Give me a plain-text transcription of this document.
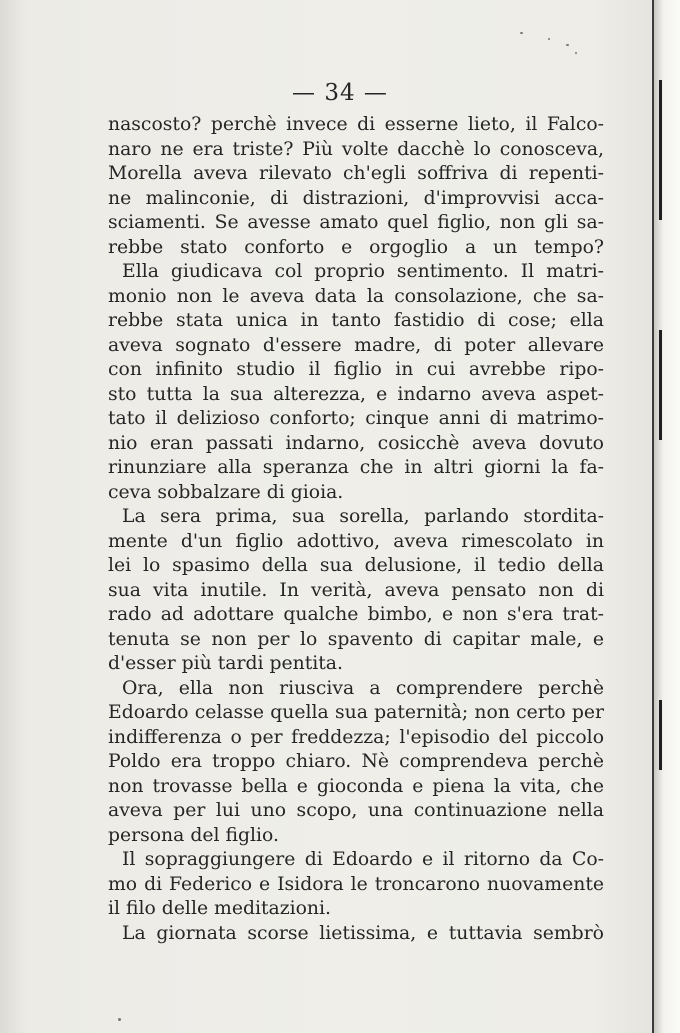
— 34 —
nascosto? perchè invece di esserne lieto, il Falco-
naro ne era triste? Più volte dacchè lo conosceva,
Morella aveva rilevato ch'egli soffriva di repenti-
ne malinconie, di distrazioni, d'improvvisi acca-
sciamenti. Se avesse amato quel figlio, non gli sa-
rebbe stato conforto e orgoglio a un tempo?
Ella giudicava col proprio sentimento. Il matri-
monio non le aveva data la consolazione, che sa-
rebbe stata unica in tanto fastidio di cose; ella
aveva sognato d'essere madre, di poter allevare
con infinito studio il figlio in cui avrebbe ripo-
sto tutta la sua alterezza, e indarno aveva aspet-
tato il delizioso conforto; cinque anni di matrimo-
nio eran passati indarno, cosicchè aveva dovuto
rinunziare alla speranza che in altri giorni la fa-
ceva sobbalzare di gioia.
La sera prima, sua sorella, parlando stordita-
mente d'un figlio adottivo, aveva rimescolato in
lei lo spasimo della sua delusione, il tedio della
sua vita inutile. In verità, aveva pensato non di
rado ad adottare qualche bimbo, e non s'era trat-
tenuta se non per lo spavento di capitar male, e
d'esser più tardi pentita.
Ora, ella non riusciva a comprendere perchè
Edoardo celasse quella sua paternità; non certo per
indifferenza o per freddezza; l'episodio del piccolo
Poldo era troppo chiaro. Nè comprendeva perchè
non trovasse bella e gioconda e piena la vita, che
aveva per lui uno scopo, una continuazione nella
persona del figlio.
Il sopraggiungere di Edoardo e il ritorno da Co-
mo di Federico e Isidora le troncarono nuovamente
il filo delle meditazioni.
La giornata scorse lietissima, e tuttavia sembrò
